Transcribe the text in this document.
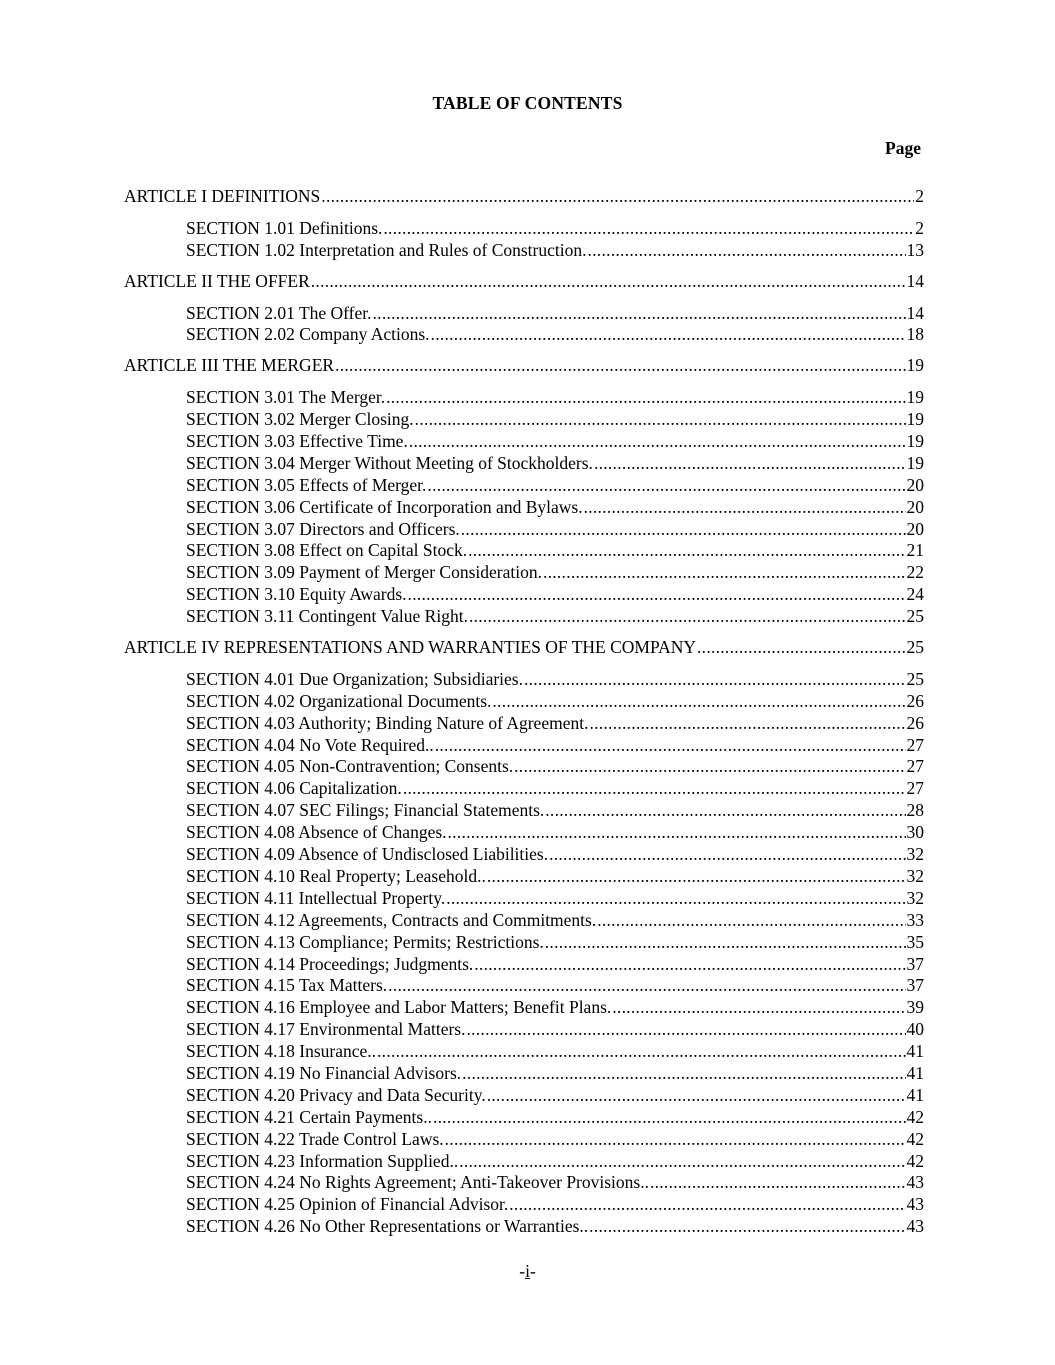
TABLE OF CONTENTS
Page
ARTICLE I DEFINITIONS . . .	2
SECTION 1.01 Definitions. . . .	2
SECTION 1.02 Interpretation and Rules of Construction. . . .	13
ARTICLE II THE OFFER . . .	14
SECTION 2.01 The Offer. . . .	14
SECTION 2.02 Company Actions. . . .	18
ARTICLE III THE MERGER . . .	19
SECTION 3.01 The Merger. . . .	19
SECTION 3.02 Merger Closing. . . .	19
SECTION 3.03 Effective Time. . . .	19
SECTION 3.04 Merger Without Meeting of Stockholders. . . .	19
SECTION 3.05 Effects of Merger. . . .	20
SECTION 3.06 Certificate of Incorporation and Bylaws. . . .	20
SECTION 3.07 Directors and Officers. . . .	20
SECTION 3.08 Effect on Capital Stock. . . .	21
SECTION 3.09 Payment of Merger Consideration. . . .	22
SECTION 3.10 Equity Awards. . . .	24
SECTION 3.11 Contingent Value Right. . . .	25
ARTICLE IV REPRESENTATIONS AND WARRANTIES OF THE COMPANY . . .	25
SECTION 4.01 Due Organization; Subsidiaries. . . .	25
SECTION 4.02 Organizational Documents. . . .	26
SECTION 4.03 Authority; Binding Nature of Agreement. . . .	26
SECTION 4.04 No Vote Required.. . . .	27
SECTION 4.05 Non-Contravention; Consents. . . .	27
SECTION 4.06 Capitalization. . . .	27
SECTION 4.07 SEC Filings; Financial Statements. . . .	28
SECTION 4.08 Absence of Changes. . . .	30
SECTION 4.09 Absence of Undisclosed Liabilities. . . .	32
SECTION 4.10 Real Property; Leasehold.. . . .	32
SECTION 4.11 Intellectual Property. . . .	32
SECTION 4.12 Agreements, Contracts and Commitments. . . .	33
SECTION 4.13 Compliance; Permits; Restrictions. . . .	35
SECTION 4.14 Proceedings; Judgments. . . .	37
SECTION 4.15 Tax Matters. . . .	37
SECTION 4.16 Employee and Labor Matters; Benefit Plans. . . .	39
SECTION 4.17 Environmental Matters. . . .	40
SECTION 4.18 Insurance.. . . .	41
SECTION 4.19 No Financial Advisors. . . .	41
SECTION 4.20 Privacy and Data Security. . . .	41
SECTION 4.21 Certain Payments.. . . .	42
SECTION 4.22 Trade Control Laws. . . .	42
SECTION 4.23 Information Supplied.. . . .	42
SECTION 4.24 No Rights Agreement; Anti-Takeover Provisions.. . . .	43
SECTION 4.25 Opinion of Financial Advisor. . . .	43
SECTION 4.26 No Other Representations or Warranties.. . . .	43
-i-
